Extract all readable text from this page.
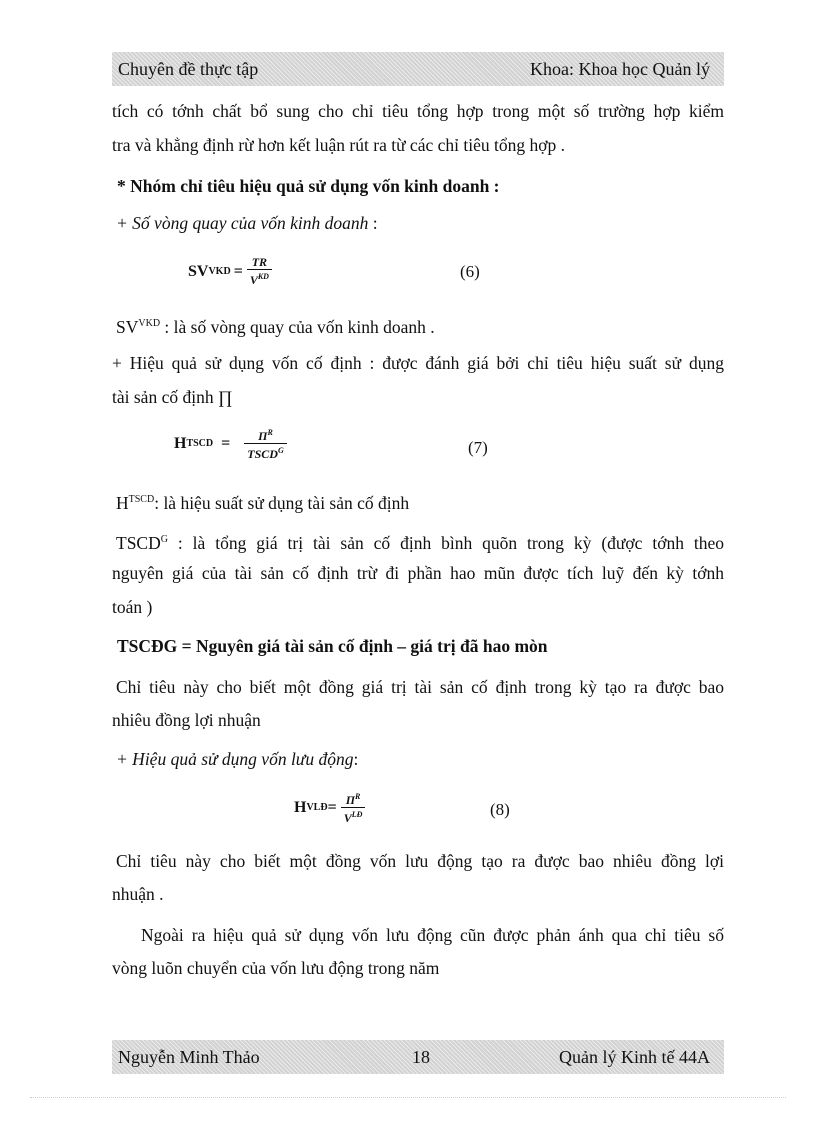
Chuyên đề thực tập	Khoa: Khoa học Quản lý
tích có tớnh chất bổ sung cho chỉ tiêu tổng hợp trong một số trường hợp kiểm
tra và khẳng định rừ hơn kết luận rút ra từ các chỉ tiêu tổng hợp .
* Nhóm chỉ tiêu hiệu quả sử dụng vốn kinh doanh :
+ Số vòng quay của vốn kinh doanh :
SV VKD = $\frac{TR}{V^{KD}}$	(6)
$SV^{VKD}$ : là số vòng quay của vốn kinh doanh .
+ Hiệu quả sử dụng vốn cố định : được đánh giá bởi chỉ tiêu hiệu suất sử dụng
tài sản cố định ∏
H TSCD = $\frac{\Pi^R}{TSCD^G}$	(7)
$H^{TSCD}$: là hiệu suất sử dụng tài sản cố định
$TSCD^G$ : là tổng giá trị tài sản cố định bình quõn trong kỳ (được tớnh theo
nguyên giá của tài sản cố định trừ đi phần hao mũn được tích luỹ đến kỳ tớnh
toán )
TSCĐG = Nguyên giá tài sản cố định – giá trị đã hao mòn
Chỉ tiêu này cho biết một đồng giá trị tài sản cố định trong kỳ tạo ra được bao
nhiêu đồng lợi nhuận
+ Hiệu quả sử dụng vốn lưu động:
H VLĐ = $\frac{\Pi^R}{V^{LĐ}}$	(8)
Chỉ tiêu này cho biết một đồng vốn lưu động tạo ra được bao nhiêu đồng lợi
nhuận .
Ngoài ra hiệu quả sử dụng vốn lưu động cũn được phản ánh qua chỉ tiêu số
vòng luõn chuyển của vốn lưu động trong năm
Nguyễn Minh Thảo	18	Quản lý Kinh tế 44A
